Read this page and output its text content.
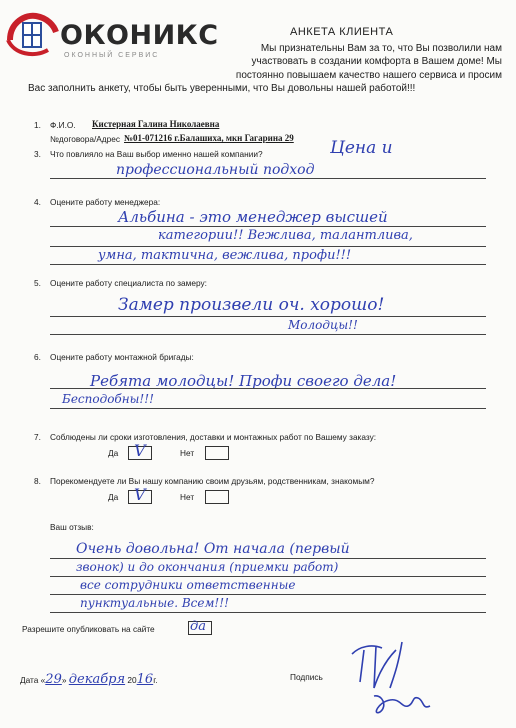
ОКОНИКС
ОКОННЫЙ СЕРВИС
АНКЕТА КЛИЕНТА
Мы признательны Вам за то, что Вы позволили нам
участвовать в создании комфорта в Вашем доме! Мы
постоянно повышаем качество нашего сервиса и просим
Вас заполнить анкету, чтобы быть уверенными, что Вы довольны нашей работой!!!
1. Ф.И.О. Кистерная Галина Николаевна
№договора/Адрес №01-071216 г.Балашиха, мкн Гагарина 29
3. Что повлияло на Ваш выбор именно нашей компании?	Цена и
профессиональный подход
4. Оцените работу менеджера:
Альбина - это менеджер высшей
категории!! Вежлива, талантлива,
умна, тактична, вежлива, профи!!!
5. Оцените работу специалиста по замеру:
Замер произвели оч. хорошо!
Молодцы!!
6. Оцените работу монтажной бригады:
Ребята молодцы! Профи своего дела!
Бесподобны!!!
7. Соблюдены ли сроки изготовления, доставки и монтажных работ по Вашему заказу:
Да V	Нет
8. Порекомендуете ли Вы нашу компанию своим друзьям, родственникам, знакомым?
Да V	Нет
Ваш отзыв:
Очень довольна! От начала (первый
звонок) и до окончания (приемки работ)
все сотрудники ответственные
пунктуальные. Всем!!!
Разрешите опубликовать на сайте	да
Дата «29» декабря 2016г.	Подпись
